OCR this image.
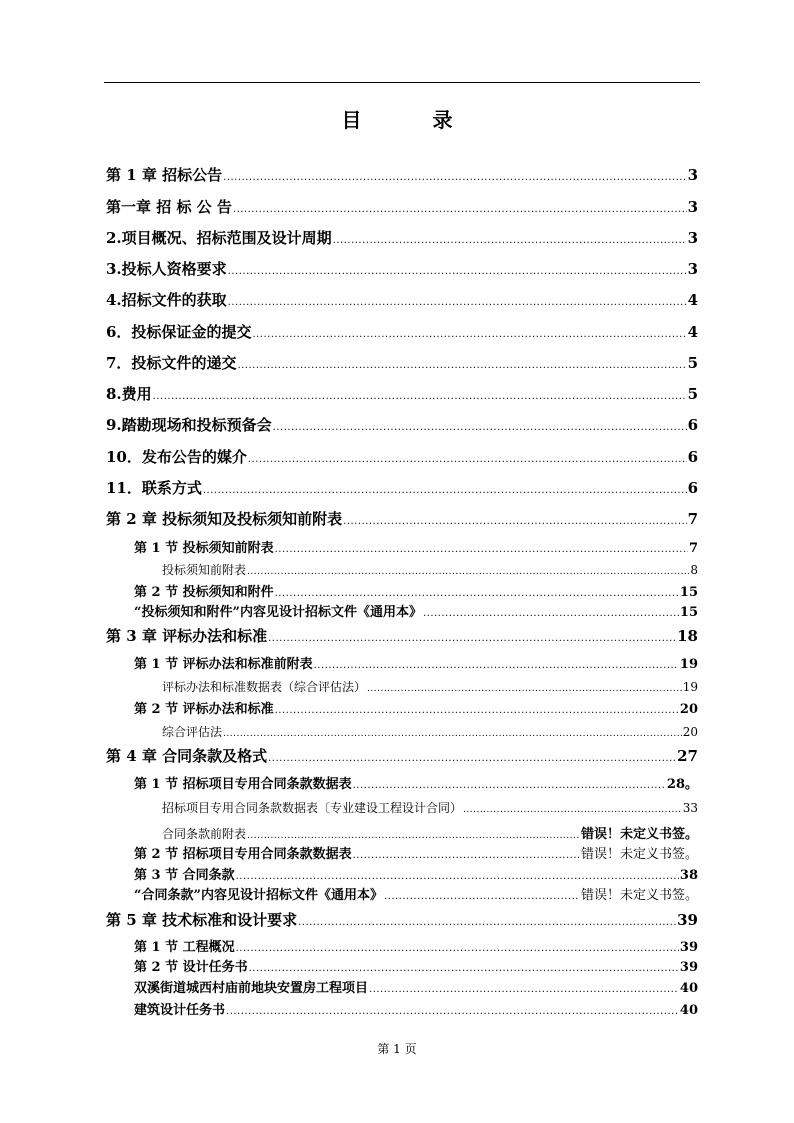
目 录
第 1 章 招标公告 .....	3
第一章 招 标 公 告 .....	3
2.项目概况、招标范围及设计周期 .....	3
3.投标人资格要求 .....	3
4.招标文件的获取 .....	4
6．投标保证金的提交 .....	4
7．投标文件的递交 .....	5
8.费用 .....	5
9.踏勘现场和投标预备会 .....	6
10．发布公告的媒介 .....	6
11．联系方式 .....	6
第 2 章 投标须知及投标须知前附表 .....	7
第 1 节 投标须知前附表 .....	7
投标须知前附表 .....	8
第 2 节 投标须知和附件 .....	15
“投标须知和附件”内容见设计招标文件《通用本》 .....	15
第 3 章 评标办法和标准 .....	18
第 1 节 评标办法和标准前附表 .....	19
评标办法和标准数据表（综合评估法） .....	19
第 2 节 评标办法和标准 .....	20
综合评估法 .....	20
第 4 章 合同条款及格式 .....	27
第 1 节 招标项目专用合同条款数据表 .....	28。
招标项目专用合同条款数据表〔专业建设工程设计合同） .....	33
合同条款前附表 .....	错误！未定义书签。
第 2 节 招标项目专用合同条款数据表 .....	错误！未定义书签。
第 3 节 合同条款 .....	38
“合同条款”内容见设计招标文件《通用本》 .....	错误！未定义书签。
第 5 章 技术标准和设计要求 .....	39
第 1 节 工程概况 .....	39
第 2 节 设计任务书 .....	39
双溪街道城西村庙前地块安置房工程项目 .....	40
建筑设计任务书 .....	40
第 1 页
